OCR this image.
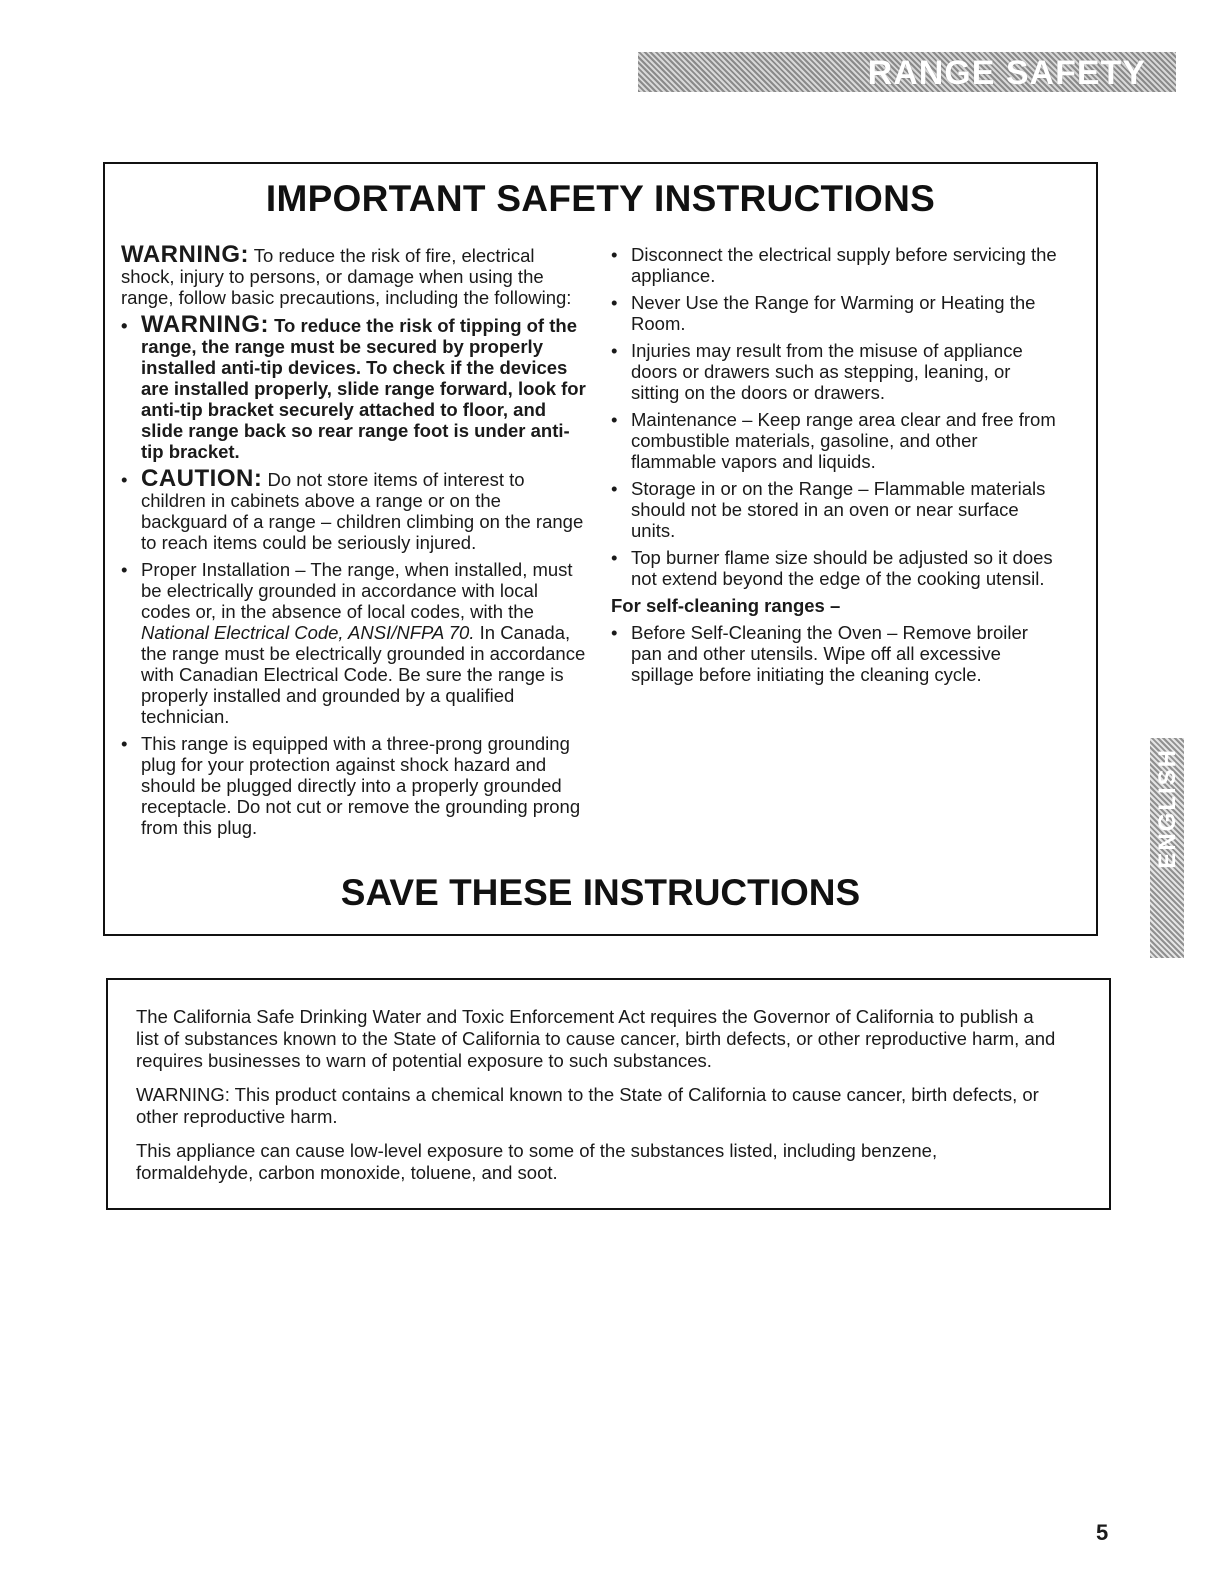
RANGE SAFETY
IMPORTANT SAFETY INSTRUCTIONS

WARNING: To reduce the risk of fire, electrical shock, injury to persons, or damage when using the range, follow basic precautions, including the following:

• WARNING: To reduce the risk of tipping of the range, the range must be secured by properly installed anti-tip devices. To check if the devices are installed properly, slide range forward, look for anti-tip bracket securely attached to floor, and slide range back so rear range foot is under anti-tip bracket.

• CAUTION: Do not store items of interest to children in cabinets above a range or on the backguard of a range – children climbing on the range to reach items could be seriously injured.

• Proper Installation – The range, when installed, must be electrically grounded in accordance with local codes or, in the absence of local codes, with the National Electrical Code, ANSI/NFPA 70. In Canada, the range must be electrically grounded in accordance with Canadian Electrical Code. Be sure the range is properly installed and grounded by a qualified technician.

• This range is equipped with a three-prong grounding plug for your protection against shock hazard and should be plugged directly into a properly grounded receptacle. Do not cut or remove the grounding prong from this plug.

• Disconnect the electrical supply before servicing the appliance.

• Never Use the Range for Warming or Heating the Room.

• Injuries may result from the misuse of appliance doors or drawers such as stepping, leaning, or sitting on the doors or drawers.

• Maintenance – Keep range area clear and free from combustible materials, gasoline, and other flammable vapors and liquids.

• Storage in or on the Range – Flammable materials should not be stored in an oven or near surface units.

• Top burner flame size should be adjusted so it does not extend beyond the edge of the cooking utensil.

For self-cleaning ranges –

• Before Self-Cleaning the Oven – Remove broiler pan and other utensils. Wipe off all excessive spillage before initiating the cleaning cycle.

SAVE THESE INSTRUCTIONS
ENGLISH

The California Safe Drinking Water and Toxic Enforcement Act requires the Governor of California to publish a list of substances known to the State of California to cause cancer, birth defects, or other reproductive harm, and requires businesses to warn of potential exposure to such substances.

WARNING: This product contains a chemical known to the State of California to cause cancer, birth defects, or other reproductive harm.

This appliance can cause low-level exposure to some of the substances listed, including benzene, formaldehyde, carbon monoxide, toluene, and soot.

5
